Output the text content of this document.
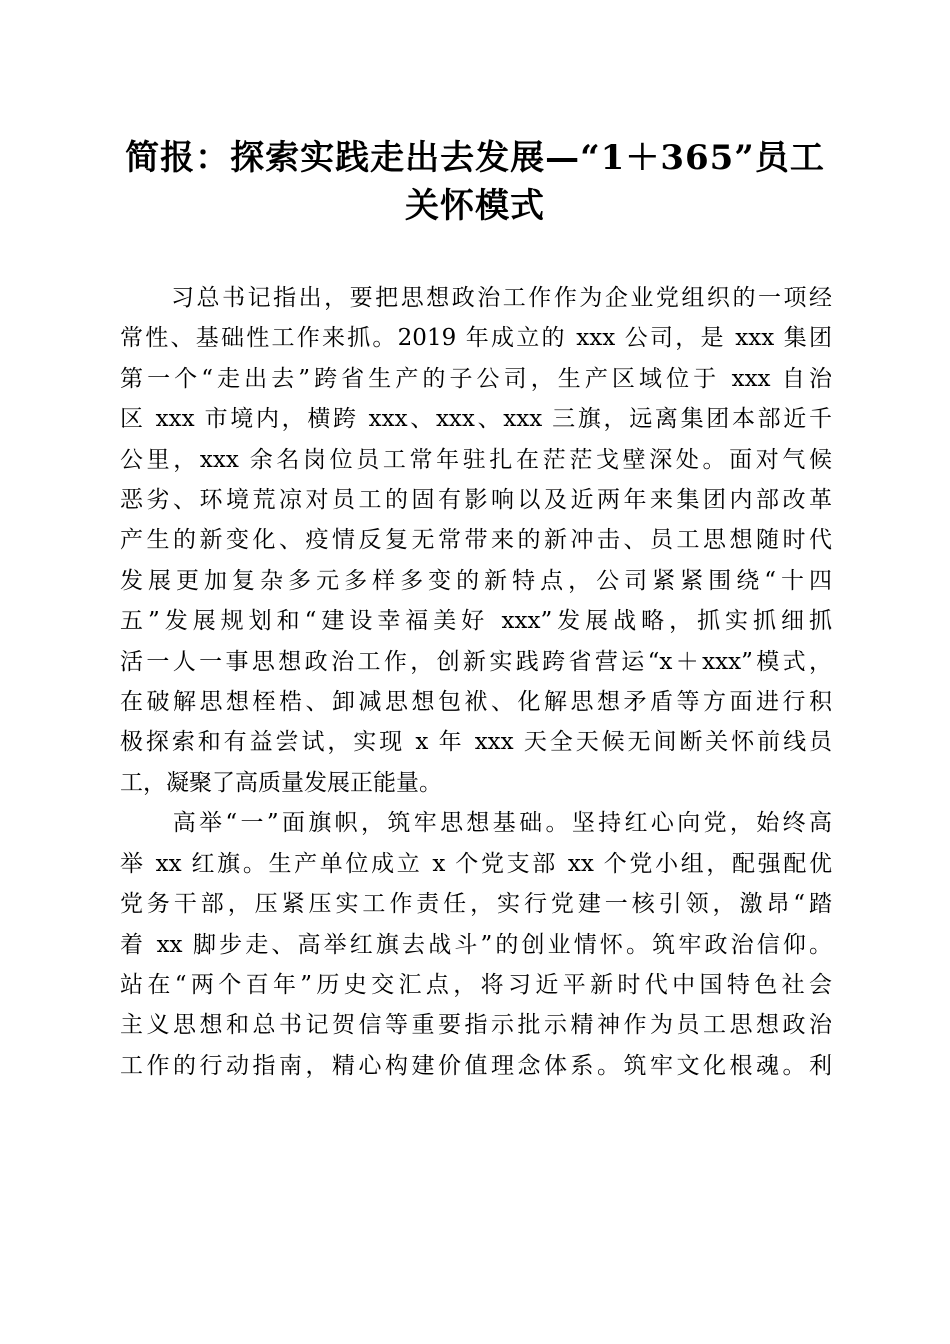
简报：探索实践走出去发展—“1＋365”员工
关怀模式

　　习总书记指出，要把思想政治工作作为企业党组织的一项经
常性、基础性工作来抓。2019 年成立的 xxx 公司，是 xxx 集团
第一个“走出去”跨省生产的子公司，生产区域位于 xxx 自治
区 xxx 市境内，横跨 xxx、xxx、xxx 三旗，远离集团本部近千
公里，xxx 余名岗位员工常年驻扎在茫茫戈壁深处。面对气候
恶劣、环境荒凉对员工的固有影响以及近两年来集团内部改革
产生的新变化、疫情反复无常带来的新冲击、员工思想随时代
发展更加复杂多元多样多变的新特点，公司紧紧围绕“十四
五”发展规划和“建设幸福美好 xxx”发展战略，抓实抓细抓
活一人一事思想政治工作，创新实践跨省营运“x＋xxx”模式，
在破解思想桎梏、卸减思想包袱、化解思想矛盾等方面进行积
极探索和有益尝试，实现 x 年 xxx 天全天候无间断关怀前线员
工，凝聚了高质量发展正能量。

　　高举“一”面旗帜，筑牢思想基础。坚持红心向党，始终高
举 xx 红旗。生产单位成立 x 个党支部 xx 个党小组，配强配优
党务干部，压紧压实工作责任，实行党建一核引领，激昂“踏
着 xx 脚步走、高举红旗去战斗”的创业情怀。筑牢政治信仰。
站在“两个百年”历史交汇点，将习近平新时代中国特色社会
主义思想和总书记贺信等重要指示批示精神作为员工思想政治
工作的行动指南，精心构建价值理念体系。筑牢文化根魂。利
